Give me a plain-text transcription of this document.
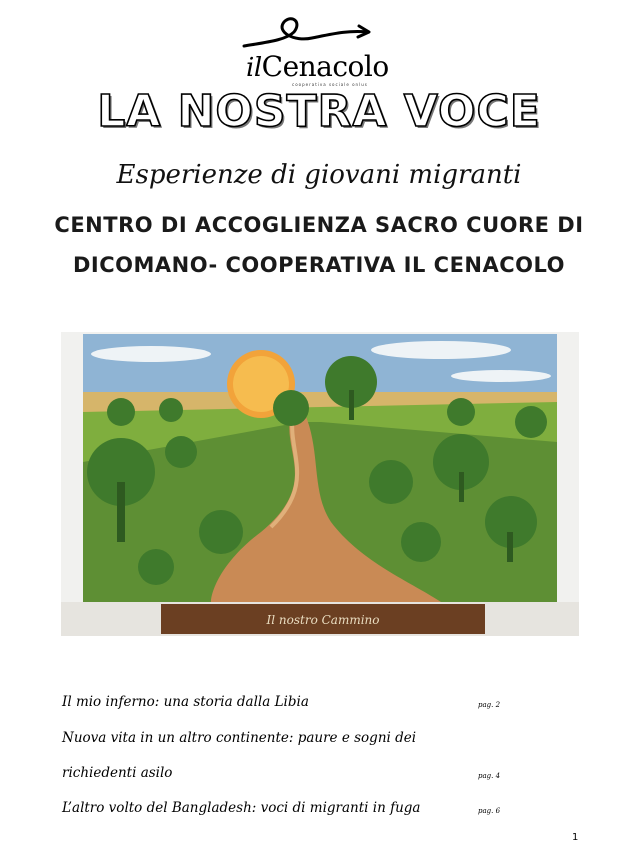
ilCenacolo
cooperativa sociale onlus
LA NOSTRA VOCE
Esperienze di giovani migranti
CENTRO DI ACCOGLIENZA SACRO CUORE DI
DICOMANO- COOPERATIVA IL CENACOLO
Il nostro Cammino
Il mio inferno: una storia dalla Libia	pag. 2
Nuova vita in un altro continente: paure e sogni dei
richiedenti asilo	pag. 4
L’altro volto del Bangladesh: voci di migranti in fuga	pag. 6
1
